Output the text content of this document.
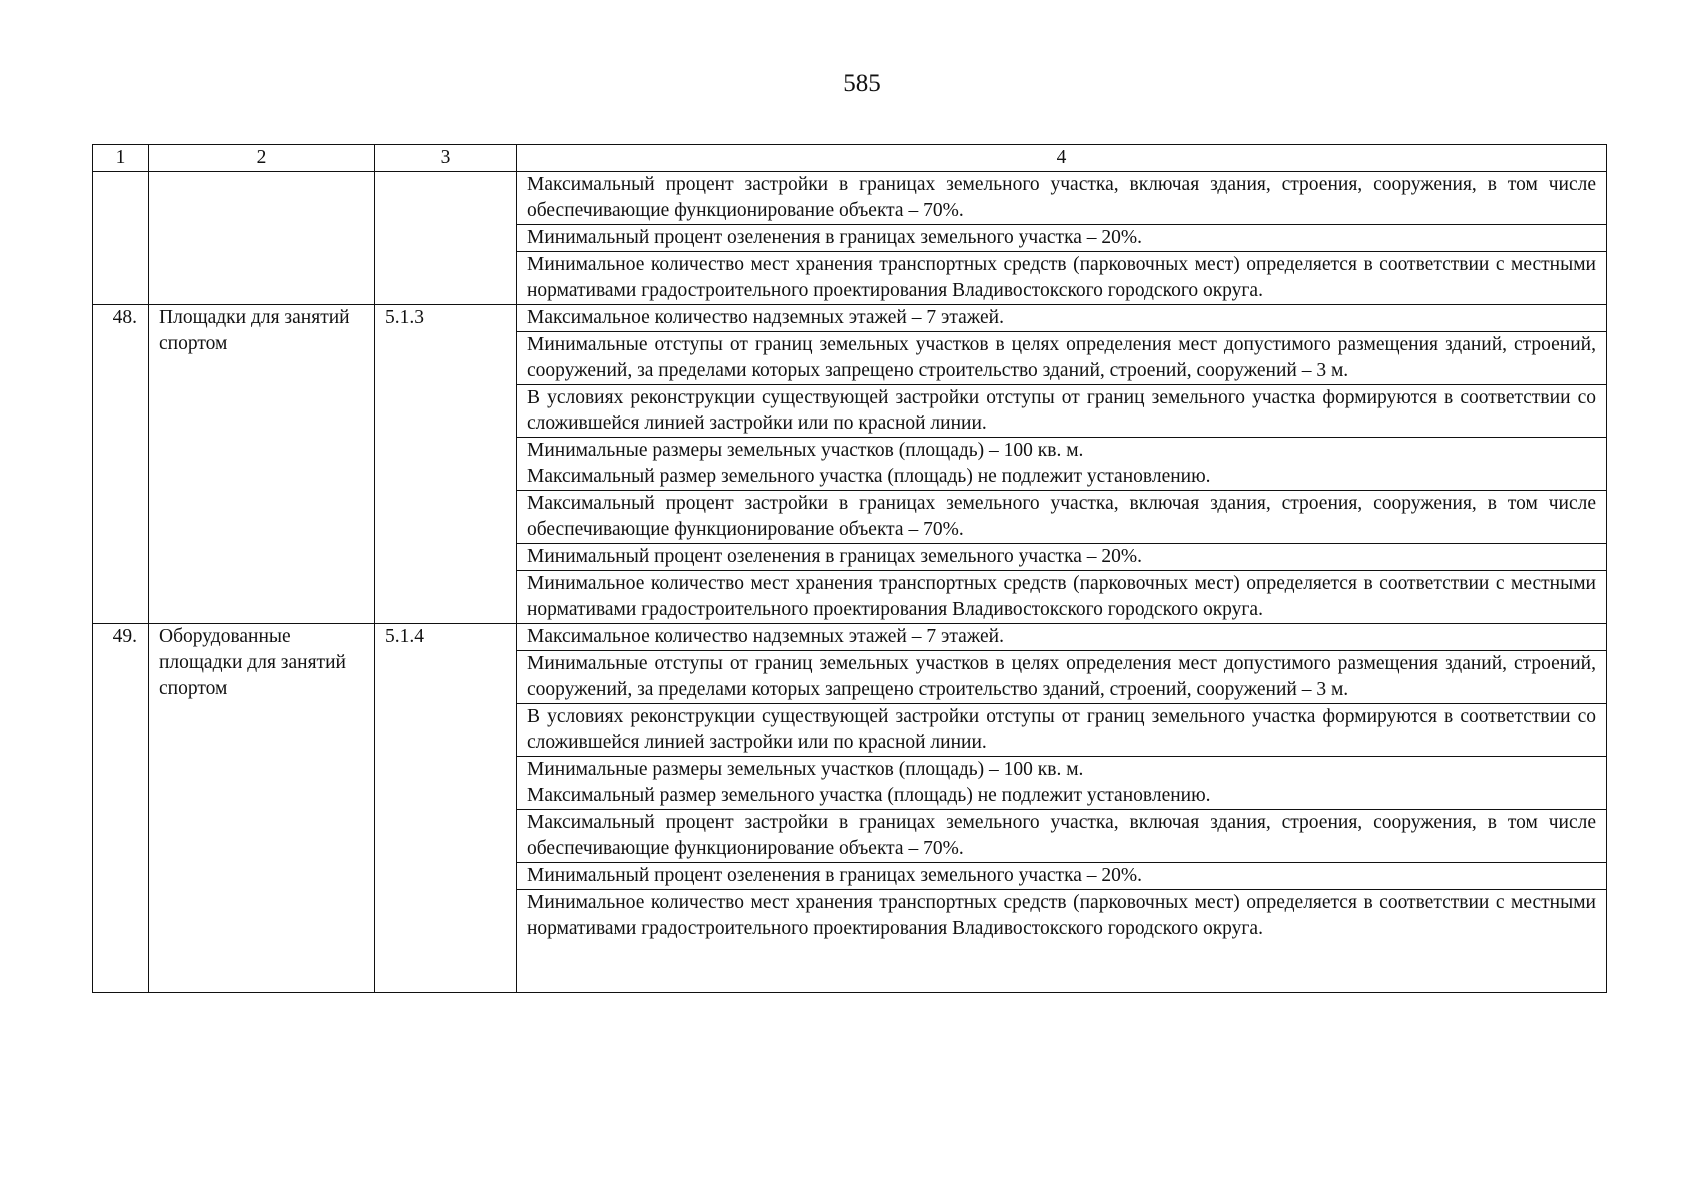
585
1	2	3	4

			Максимальный процент застройки в границах земельного участка, включая здания, строения, сооружения, в том числе обеспечивающие функционирование объекта – 70%.

			Минимальный процент озеленения в границах земельного участка – 20%.

			Минимальное количество мест хранения транспортных средств (парковочных мест) определяется в соответствии с местными нормативами градостроительного проектирования Владивостокского городского округа.

48.	Площадки для занятий спортом	5.1.3	Максимальное количество надземных этажей – 7 этажей.

			Минимальные отступы от границ земельных участков в целях определения мест допустимого размещения зданий, строений, сооружений, за пределами которых запрещено строительство зданий, строений, сооружений – 3 м.

			В условиях реконструкции существующей застройки отступы от границ земельного участка формируются в соответствии со сложившейся линией застройки или по красной линии.

			Минимальные размеры земельных участков (площадь) – 100 кв. м.
Максимальный размер земельного участка (площадь) не подлежит установлению.

			Максимальный процент застройки в границах земельного участка, включая здания, строения, сооружения, в том числе обеспечивающие функционирование объекта – 70%.

			Минимальный процент озеленения в границах земельного участка – 20%.

			Минимальное количество мест хранения транспортных средств (парковочных мест) определяется в соответствии с местными нормативами градостроительного проектирования Владивостокского городского округа.

49.	Оборудованные площадки для занятий спортом	5.1.4	Максимальное количество надземных этажей – 7 этажей.

			Минимальные отступы от границ земельных участков в целях определения мест допустимого размещения зданий, строений, сооружений, за пределами которых запрещено строительство зданий, строений, сооружений – 3 м.

			В условиях реконструкции существующей застройки отступы от границ земельного участка формируются в соответствии со сложившейся линией застройки или по красной линии.

			Минимальные размеры земельных участков (площадь) – 100 кв. м.
Максимальный размер земельного участка (площадь) не подлежит установлению.

			Максимальный процент застройки в границах земельного участка, включая здания, строения, сооружения, в том числе обеспечивающие функционирование объекта – 70%.

			Минимальный процент озеленения в границах земельного участка – 20%.

			Минимальное количество мест хранения транспортных средств (парковочных мест) определяется в соответствии с местными нормативами градостроительного проектирования Владивостокского городского округа.
